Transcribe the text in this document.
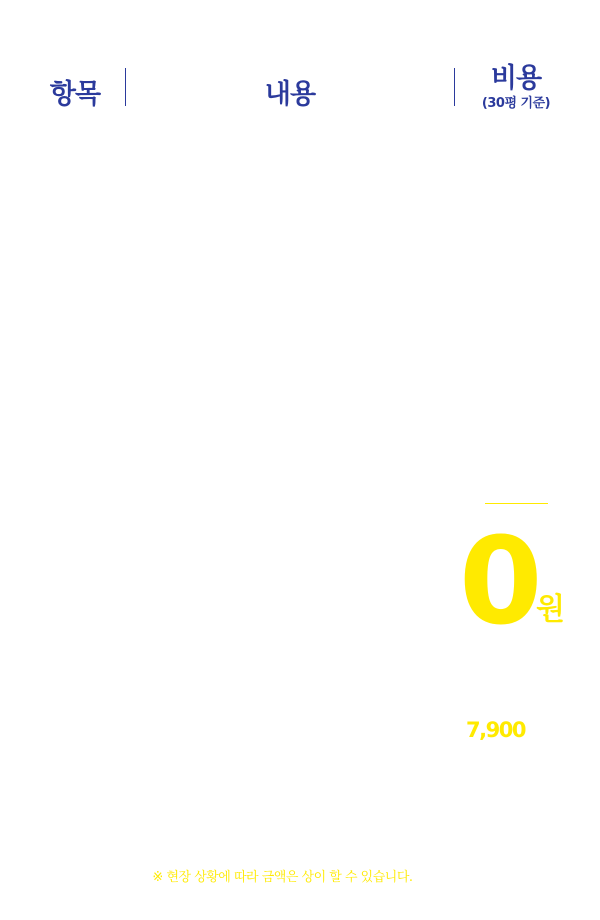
항목	내용
비용
(30평 기준)
0
원
7,900
※ 현장 상황에 따라 금액은 상이 할 수 있습니다.
